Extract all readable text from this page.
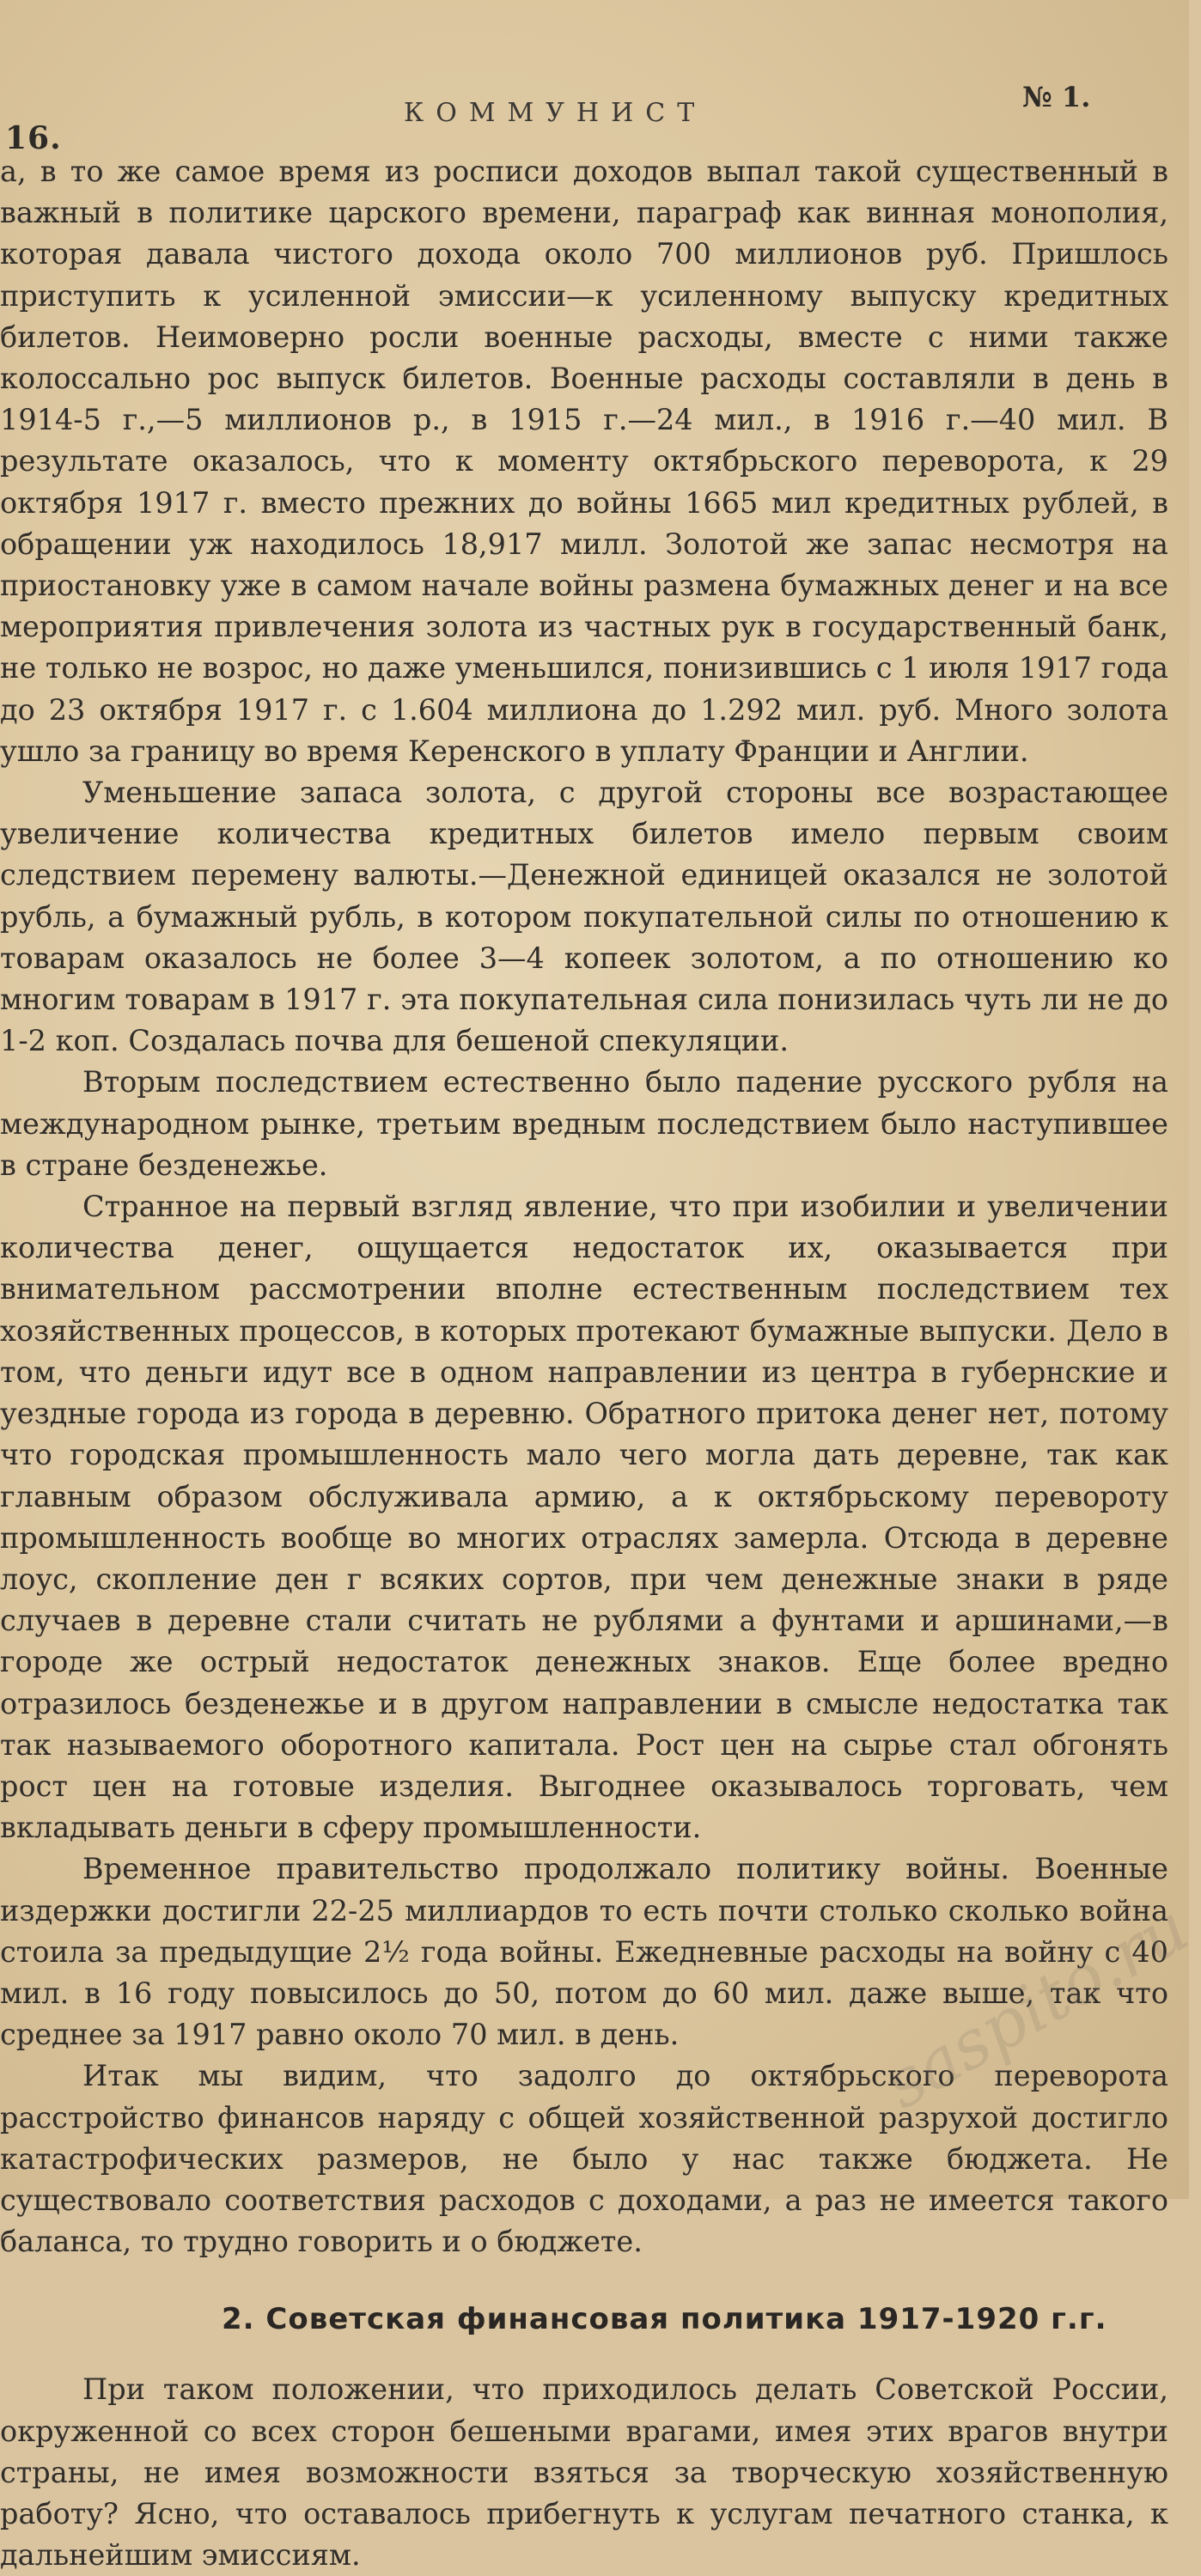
16.
КОММУНИСТ	№ 1.

а, в то же самое время из росписи доходов выпал такой существенный в важный в политике царского времени, параграф как винная монополия, которая давала чистого дохода около 700 миллионов руб. Пришлось приступить к усиленной эмиссии—к усиленному выпуску кредитных билетов. Неимоверно росли военные расходы, вместе с ними также колоссально рос выпуск билетов. Военные расходы составляли в день в 1914-5 г.,—5 миллионов р., в 1915 г.—24 мил., в 1916 г.—40 мил. В результате оказалось, что к моменту октябрьского переворота, к 29 октября 1917 г. вместо прежних до войны 1665 мил кредитных рублей, в обращении уж находилось 18,917 милл. Золотой же запас несмотря на приостановку уже в самом начале войны размена бумажных денег и на все мероприятия привлечения золота из частных рук в государственный банк, не только не возрос, но даже уменьшился, понизившись с 1 июля 1917 года до 23 октября 1917 г. с 1.604 миллиона до 1.292 мил. руб. Много золота ушло за границу во время Керенского в уплату Франции и Англии.

Уменьшение запаса золота, с другой стороны все возрастающее увеличение количества кредитных билетов имело первым своим следствием перемену валюты.—Денежной единицей оказался не золотой рубль, а бумажный рубль, в котором покупательной силы по отношению к товарам оказалось не более 3—4 копеек золотом, а по отношению ко многим товарам в 1917 г. эта покупательная сила понизилась чуть ли не до 1-2 коп. Создалась почва для бешеной спекуляции.

Вторым последствием естественно было падение русского рубля на международном рынке, третьим вредным последствием было наступившее в стране безденежье.

Странное на первый взгляд явление, что при изобилии и увеличении количества денег, ощущается недостаток их, оказывается при внимательном рассмотрении вполне естественным последствием тех хозяйственных процессов, в которых протекают бумажные выпуски. Дело в том, что деньги идут все в одном направлении из центра в губернские и уездные города из города в деревню. Обратного притока денег нет, потому что городская промышленность мало чего могла дать деревне, так как главным образом обслуживала армию, а к октябрьскому перевороту промышленность вообще во многих отраслях замерла. Отсюда в деревне лоус, скопление ден г всяких сортов, при чем денежные знаки в ряде случаев в деревне стали считать не рублями а фунтами и аршинами,—в городе же острый недостаток денежных знаков. Еще более вредно отразилось безденежье и в другом направлении в смысле недостатка так так называемого оборотного капитала. Рост цен на сырье стал обгонять рост цен на готовые изделия. Выгоднее оказывалось торговать, чем вкладывать деньги в сферу промышленности.

Временное правительство продолжало политику войны. Военные издержки достигли 22-25 миллиардов то есть почти столько сколько война стоила за предыдущие 2½ года войны. Ежедневные расходы на войну с 40 мил. в 16 году повысилось до 50, потом до 60 мил. даже выше, так что среднее за 1917 равно около 70 мил. в день.

Итак мы видим, что задолго до октябрьского переворота расстройство финансов наряду с общей хозяйственной разрухой достигло катастрофических размеров, не было у нас также бюджета. Не существовало соответствия расходов с доходами, а раз не имеется такого баланса, то трудно говорить и о бюджете.

2. Советская финансовая политика 1917-1920 г.г.

При таком положении, что приходилось делать Советской России, окруженной со всех сторон бешеными врагами, имея этих врагов внутри страны, не имея возможности взяться за творческую хозяйственную работу? Ясно, что оставалось прибегнуть к услугам печатного станка, к дальнейшим эмиссиям.

saspito.ru
